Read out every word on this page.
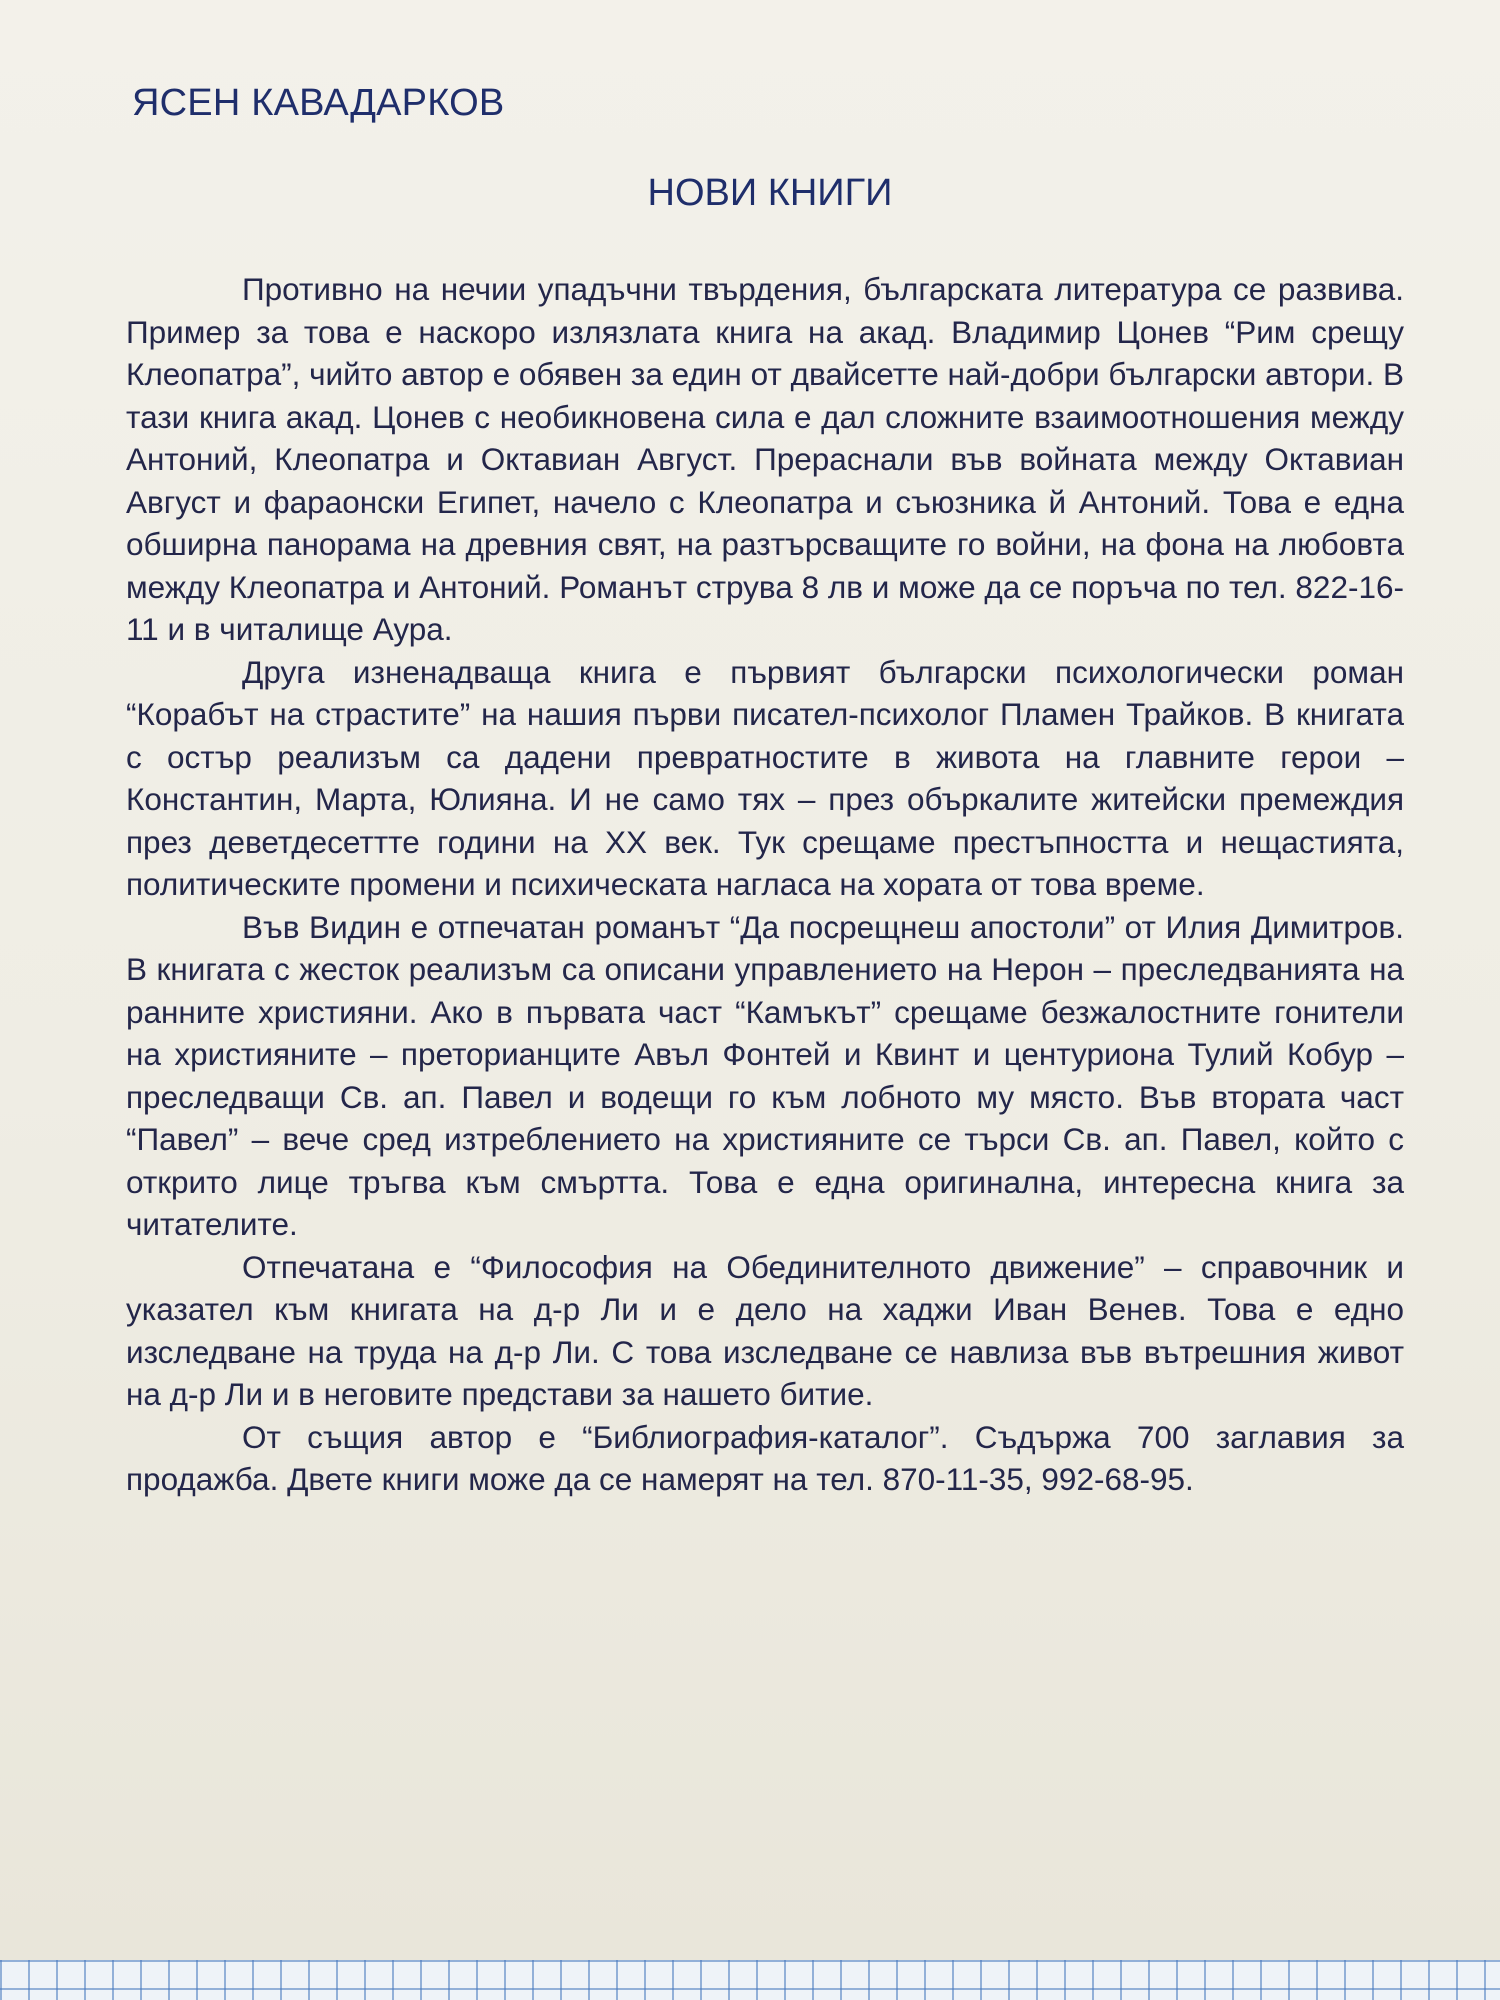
ЯСЕН КАВАДАРКОВ
НОВИ КНИГИ

Противно на нечии упадъчни твърдения, българската литература се развива. Пример за това е наскоро излязлата книга на акад. Владимир Цонев “Рим срещу Клеопатра”, чийто автор е обявен за един от двайсетте най-добри български автори. В тази книга акад. Цонев с необикновена сила е дал сложните взаимоотношения между Антоний, Клеопатра и Октавиан Август. Прераснали във войната между Октавиан Август и фараонски Египет, начело с Клеопатра и съюзника й Антоний. Това е една обширна панорама на древния свят, на разтърсващите го войни, на фона на любовта между Клеопатра и Антоний. Романът струва 8 лв и може да се поръча по тел. 822-16-11 и в читалище Аура.

Друга изненадваща книга е първият български психологически роман “Корабът на страстите” на нашия първи писател-психолог Пламен Трайков. В книгата с остър реализъм са дадени превратностите в живота на главните герои – Константин, Марта, Юлияна. И не само тях – през объркалите житейски премеждия през деветдесеттте години на XX век. Тук срещаме престъпността и нещастията, политическите промени и психическата нагласа на хората от това време.

Във Видин е отпечатан романът “Да посрещнеш апостоли” от Илия Димитров. В книгата с жесток реализъм са описани управлението на Нерон – преследванията на ранните християни. Ако в първата част “Камъкът” срещаме безжалостните гонители на християните – преторианците Авъл Фонтей и Квинт и центуриона Тулий Кобур – преследващи Св. ап. Павел и водещи го към лобното му място. Във втората част “Павел” – вече сред изтреблението на християните се търси Св. ап. Павел, който с открито лице тръгва към смъртта. Това е една оригинална, интересна книга за читателите.

Отпечатана е “Философия на Обединителното движение” – справочник и указател към книгата на д-р Ли и е дело на хаджи Иван Венев. Това е едно изследване на труда на д-р Ли. С това изследване се навлиза във вътрешния живот на д-р Ли и в неговите представи за нашето битие.

От същия автор е “Библиография-каталог”. Съдържа 700 заглавия за продажба. Двете книги може да се намерят на тел. 870-11-35, 992-68-95.
